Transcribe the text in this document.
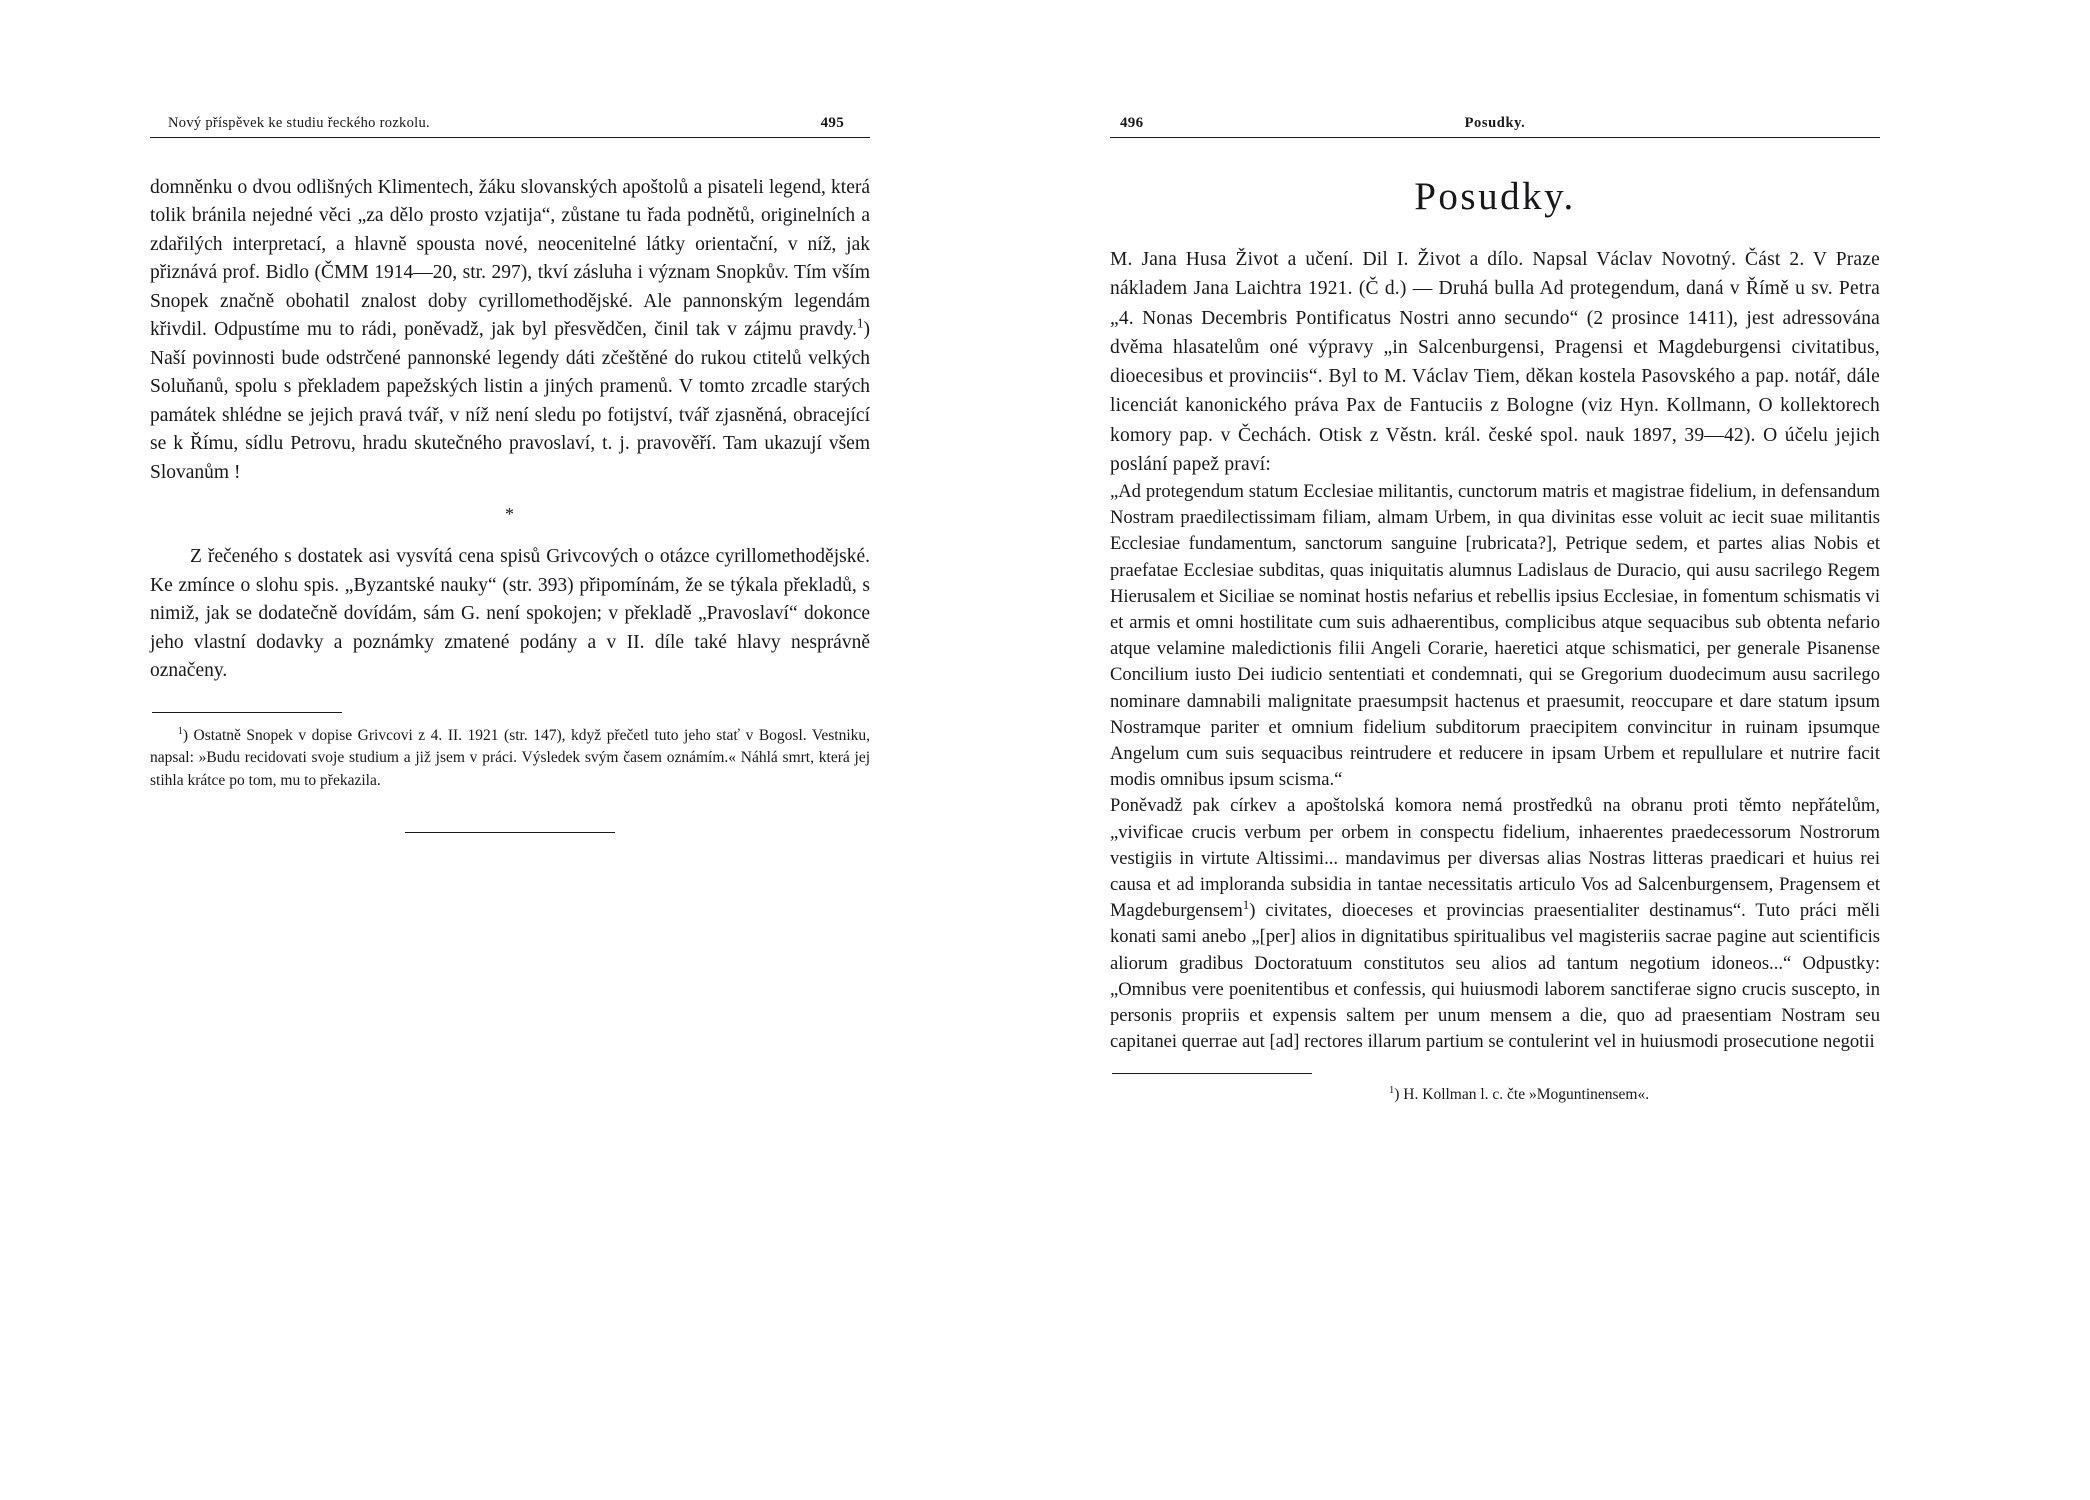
Nový příspěvek ke studiu řeckého rozkolu.	495

domněnku o dvou odlišných Klimentech, žáku slovanských apoštolů a pisateli legend, která tolik bránila nejedné věci „za dělo prosto vzjatija“, zůstane tu řada podnětů, originelních a zdařilých interpretací, a hlavně spousta nové, neocenitelné látky orientační, v níž, jak přiznává prof. Bidlo (ČMM 1914—20, str. 297), tkví zásluha i význam Snopkův. Tím vším Snopek značně obohatil znalost doby cyrillomethodějské. Ale pannonským legendám křivdil. Odpustíme mu to rádi, poněvadž, jak byl přesvědčen, činil tak v zájmu pravdy.$^1$) Naší povinnosti bude odstrčené pannonské legendy dáti zčeštěné do rukou ctitelů velkých Soluňanů, spolu s překladem papežských listin a jiných pramenů. V tomto zrcadle starých památek shlédne se jejich pravá tvář, v níž není sledu po fotijství, tvář zjasněná, obracející se k Římu, sídlu Petrovu, hradu skutečného pravoslaví, t. j. pravověří. Tam ukazují všem Slovanům !

*

Z řečeného s dostatek asi vysvítá cena spisů Grivcových o otázce cyrillomethodějské. Ke zmínce o slohu spis. „Byzantské nauky“ (str. 393) připomínám, že se týkala překladů, s nimiž, jak se dodatečně dovídám, sám G. není spokojen; v překladě „Pravoslaví“ dokonce jeho vlastní dodavky a poznámky zmatené podány a v II. díle také hlavy nesprávně označeny.

$^1$) Ostatně Snopek v dopise Grivcovi z 4. II. 1921 (str. 147), když přečetl tuto jeho stať v Bogosl. Vestniku, napsal: »Budu recidovati svoje studium a již jsem v práci. Výsledek svým časem oznámím.« Náhlá smrt, která jej stihla krátce po tom, mu to překazila.
496	Posudky.
Posudky.
M. Jana Husa Život a učení. Dil I. Život a dílo. Napsal Václav Novotný. Část 2. V Praze nákladem Jana Laichtra 1921. (Č d.) — Druhá bulla Ad protegendum, daná v Římě u sv. Petra „4. Nonas Decembris Pontificatus Nostri anno secundo“ (2 prosince 1411), jest adressována dvěma hlasatelům oné výpravy „in Salcenburgensi, Pragensi et Magdeburgensi civitatibus, dioecesibus et provinciis“. Byl to M. Václav Tiem, děkan kostela Pasovského a pap. notář, dále licenciát kanonického práva Pax de Fantuciis z Bologne (viz Hyn. Kollmann, O kollektorech komory pap. v Čechách. Otisk z Věstn. král. české spol. nauk 1897, 39—42). O účelu jejich poslání papež praví:

„Ad protegendum statum Ecclesiae militantis, cunctorum matris et magistrae fidelium, in defensandum Nostram praedilectissimam filiam, almam Urbem, in qua divinitas esse voluit ac iecit suae militantis Ecclesiae fundamentum, sanctorum sanguine [rubricata?], Petrique sedem, et partes alias Nobis et praefatae Ecclesiae subditas, quas iniquitatis alumnus Ladislaus de Duracio, qui ausu sacrilego Regem Hierusalem et Siciliae se nominat hostis nefarius et rebellis ipsius Ecclesiae, in fomentum schismatis vi et armis et omni hostilitate cum suis adhaerentibus, complicibus atque sequacibus sub obtenta nefario atque velamine maledictionis filii Angeli Corarie, haeretici atque schismatici, per generale Pisanense Concilium iusto Dei iudicio sententiati et condemnati, qui se Gregorium duodecimum ausu sacrilego nominare damnabili malignitate praesumpsit hactenus et praesumit, reoccupare et dare statum ipsum Nostramque pariter et omnium fidelium subditorum praecipitem convincitur in ruinam ipsumque Angelum cum suis sequacibus reintrudere et reducere in ipsam Urbem et repullulare et nutrire facit modis omnibus ipsum scisma.“

Poněvadž pak církev a apoštolská komora nemá prostředků na obranu proti těmto nepřátelům, „vivificae crucis verbum per orbem in conspectu fidelium, inhaerentes praedecessorum Nostrorum vestigiis in virtute Altissimi... mandavimus per diversas alias Nostras litteras praedicari et huius rei causa et ad imploranda subsidia in tantae necessitatis articulo Vos ad Salcenburgensem, Pragensem et Magdeburgensem$^1$) civitates, dioeceses et provincias praesentialiter destinamus“. Tuto práci měli konati sami anebo „[per] alios in dignitatibus spiritualibus vel magisteriis sacrae pagine aut scientificis aliorum gradibus Doctoratuum constitutos seu alios ad tantum negotium idoneos...“ Odpustky: „Omnibus vere poenitentibus et confessis, qui huiusmodi laborem sanctiferae signo crucis suscepto, in personis propriis et expensis saltem per unum mensem a die, quo ad praesentiam Nostram seu capitanei querrae aut [ad] rectores illarum partium se contulerint vel in huiusmodi prosecutione negotii

$^1$) H. Kollman l. c. čte »Moguntinensem«.
